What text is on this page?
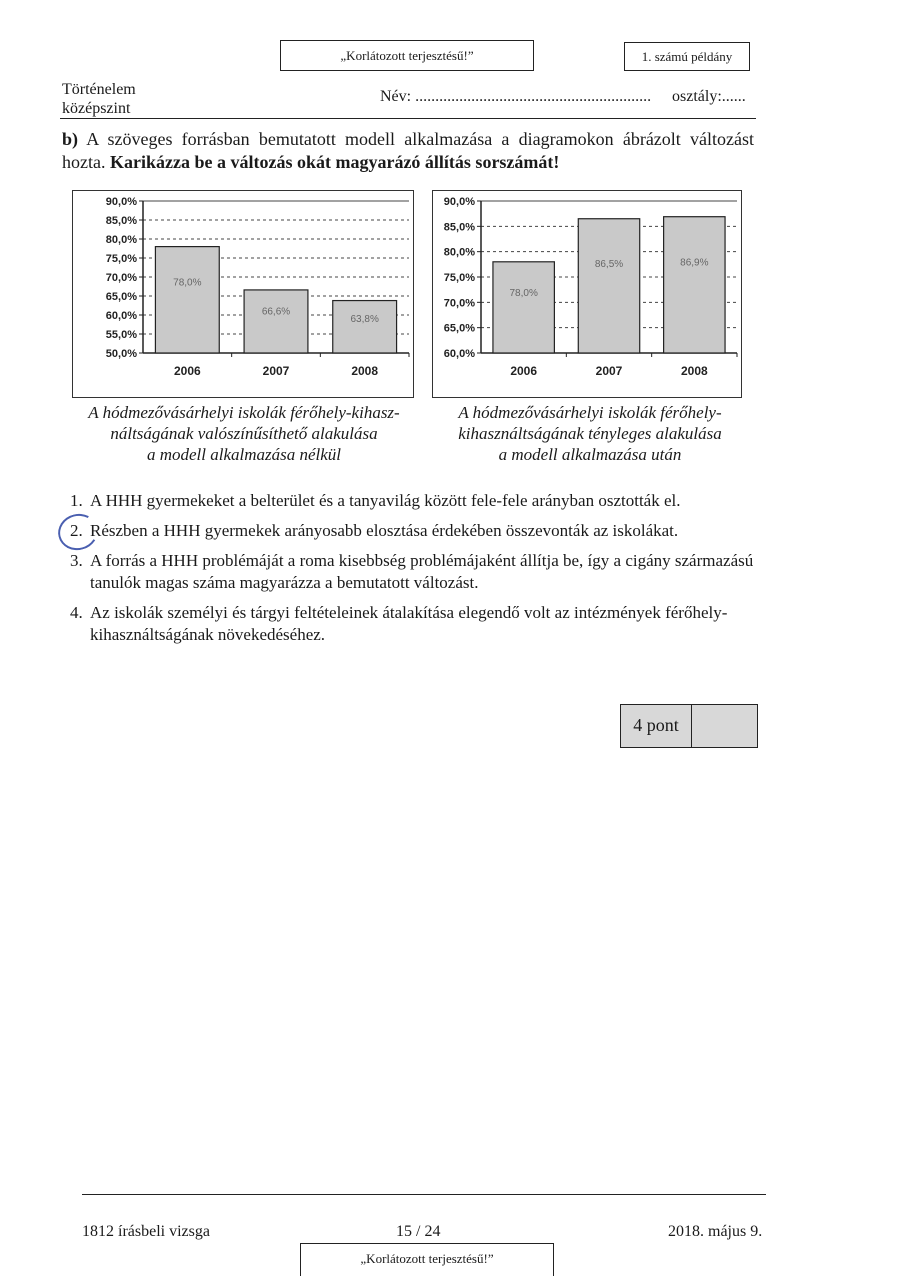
„Korlátozott terjesztésű!”	1. számú példány
Történelem
középszint
Név: ........................................................... osztály:......
b) A szöveges forrásban bemutatott modell alkalmazása a diagramokon ábrázolt változást hozta. Karikázza be a változás okát magyarázó állítás sorszámát!
90,0%
85,0%
80,0%
75,0%
70,0%
65,0%
60,0%
55,0%
50,0%
78,0%
2006
66,6%
2007
63,8%
2008
90,0%
85,0%
80,0%
75,0%
70,0%
65,0%
60,0%
78,0%
2006
86,5%
2007
86,9%
2008
A hódmezővásárhelyi iskolák férőhely-kihasz-
náltságának valószínűsíthető alakulása
a modell alkalmazása nélkül
A hódmezővásárhelyi iskolák férőhely-
kihasználtságának tényleges alakulása
a modell alkalmazása után
1. A HHH gyermekeket a belterület és a tanyavilág között fele-fele arányban osztották el.
2. Részben a HHH gyermekek arányosabb elosztása érdekében összevonták az iskolákat.
3. A forrás a HHH problémáját a roma kisebbség problémájaként állítja be, így a cigány származású tanulók magas száma magyarázza a bemutatott változást.
4. Az iskolák személyi és tárgyi feltételeinek átalakítása elegendő volt az intézmények férőhely-kihasználtságának növekedéséhez.
4 pont
1812 írásbeli vizsga	15 / 24	2018. május 9.
„Korlátozott terjesztésű!”
